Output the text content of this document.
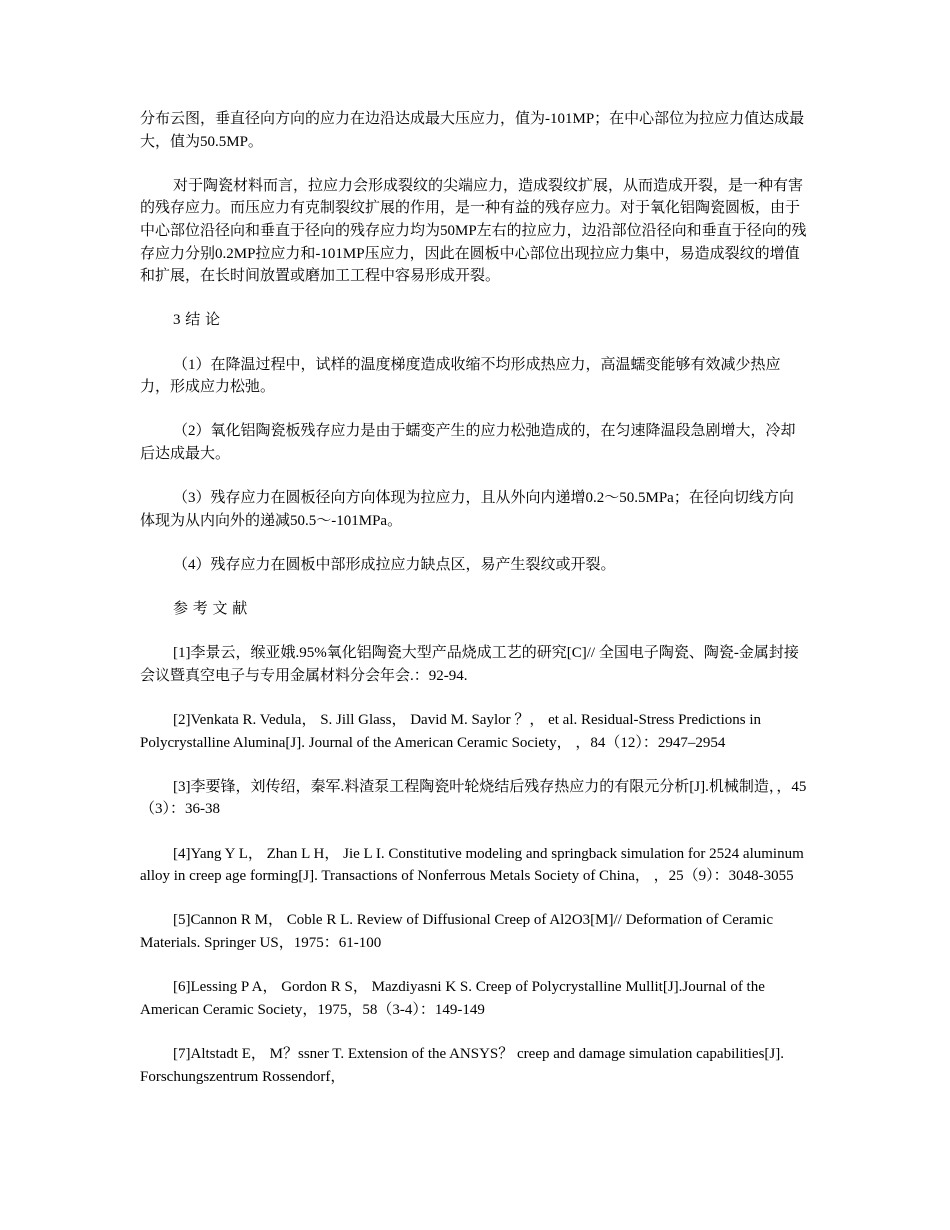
分布云图，垂直径向方向的应力在边沿达成最大压应力，值为-101MP；在中心部位为拉应力值达成最大，值为50.5MP。

对于陶瓷材料而言，拉应力会形成裂纹的尖端应力，造成裂纹扩展，从而造成开裂，是一种有害的残存应力。而压应力有克制裂纹扩展的作用，是一种有益的残存应力。对于氧化铝陶瓷圆板，由于中心部位沿径向和垂直于径向的残存应力均为50MP左右的拉应力，边沿部位沿径向和垂直于径向的残存应力分别0.2MP拉应力和-101MP压应力，因此在圆板中心部位出现拉应力集中，易造成裂纹的增值和扩展，在长时间放置或磨加工工程中容易形成开裂。

3 结 论

（1）在降温过程中，试样的温度梯度造成收缩不均形成热应力，高温蠕变能够有效减少热应力，形成应力松弛。

（2）氧化铝陶瓷板残存应力是由于蠕变产生的应力松弛造成的，在匀速降温段急剧增大，冷却后达成最大。

（3）残存应力在圆板径向方向体现为拉应力，且从外向内递增0.2～50.5MPa；在径向切线方向体现为从内向外的递减50.5～-101MPa。

（4）残存应力在圆板中部形成拉应力缺点区，易产生裂纹或开裂。

参 考 文 献

[1]李景云，缑亚娥.95%氧化铝陶瓷大型产品烧成工艺的研究[C]// 全国电子陶瓷、陶瓷-金属封接会议暨真空电子与专用金属材料分会年会.：92-94.

[2]Venkata R. Vedula， S. Jill Glass， David M. Saylor ？， et al. Residual-Stress Predictions in Polycrystalline Alumina[J]. Journal of the American Ceramic Society， ，84（12）：2947–2954

[3]李要锋，刘传绍，秦军.料渣泵工程陶瓷叶轮烧结后残存热应力的有限元分析[J].机械制造，，45（3）：36-38

[4]Yang Y L， Zhan L H， Jie L I. Constitutive modeling and springback simulation for 2524 aluminum alloy in creep age forming[J]. Transactions of Nonferrous Metals Society of China， ，25（9）：3048-3055

[5]Cannon R M， Coble R L. Review of Diffusional Creep of Al2O3[M]// Deformation of Ceramic Materials. Springer US，1975：61-100

[6]Lessing P A， Gordon R S， Mazdiyasni K S. Creep of Polycrystalline Mullit[J].Journal of the American Ceramic Society，1975，58（3-4）：149-149

[7]Altstadt E， M？ssner T. Extension of the ANSYS？ creep and damage simulation capabilities[J]. Forschungszentrum Rossendorf，
